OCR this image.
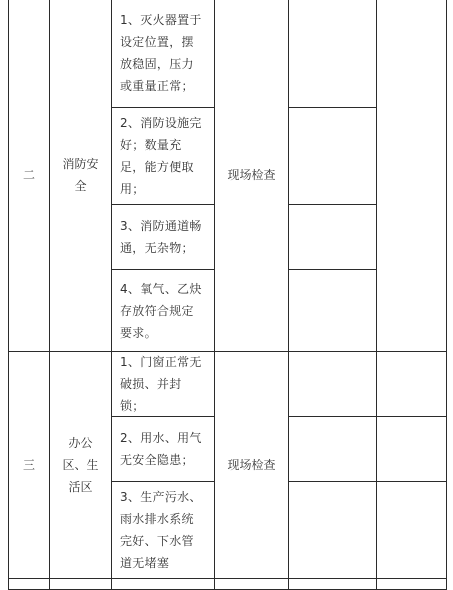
二
消防安全
1、灭火器置于设定位置，摆放稳固，压力或重量正常；
2、消防设施完好；数量充足，能方便取用；
3、消防通道畅通，无杂物；
4、氧气、乙炔存放符合规定要求。
现场检查
三
办公区、生活区
1、门窗正常无破损、并封锁；
2、用水、用气无安全隐患；
3、生产污水、雨水排水系统完好、下水管道无堵塞
现场检查
